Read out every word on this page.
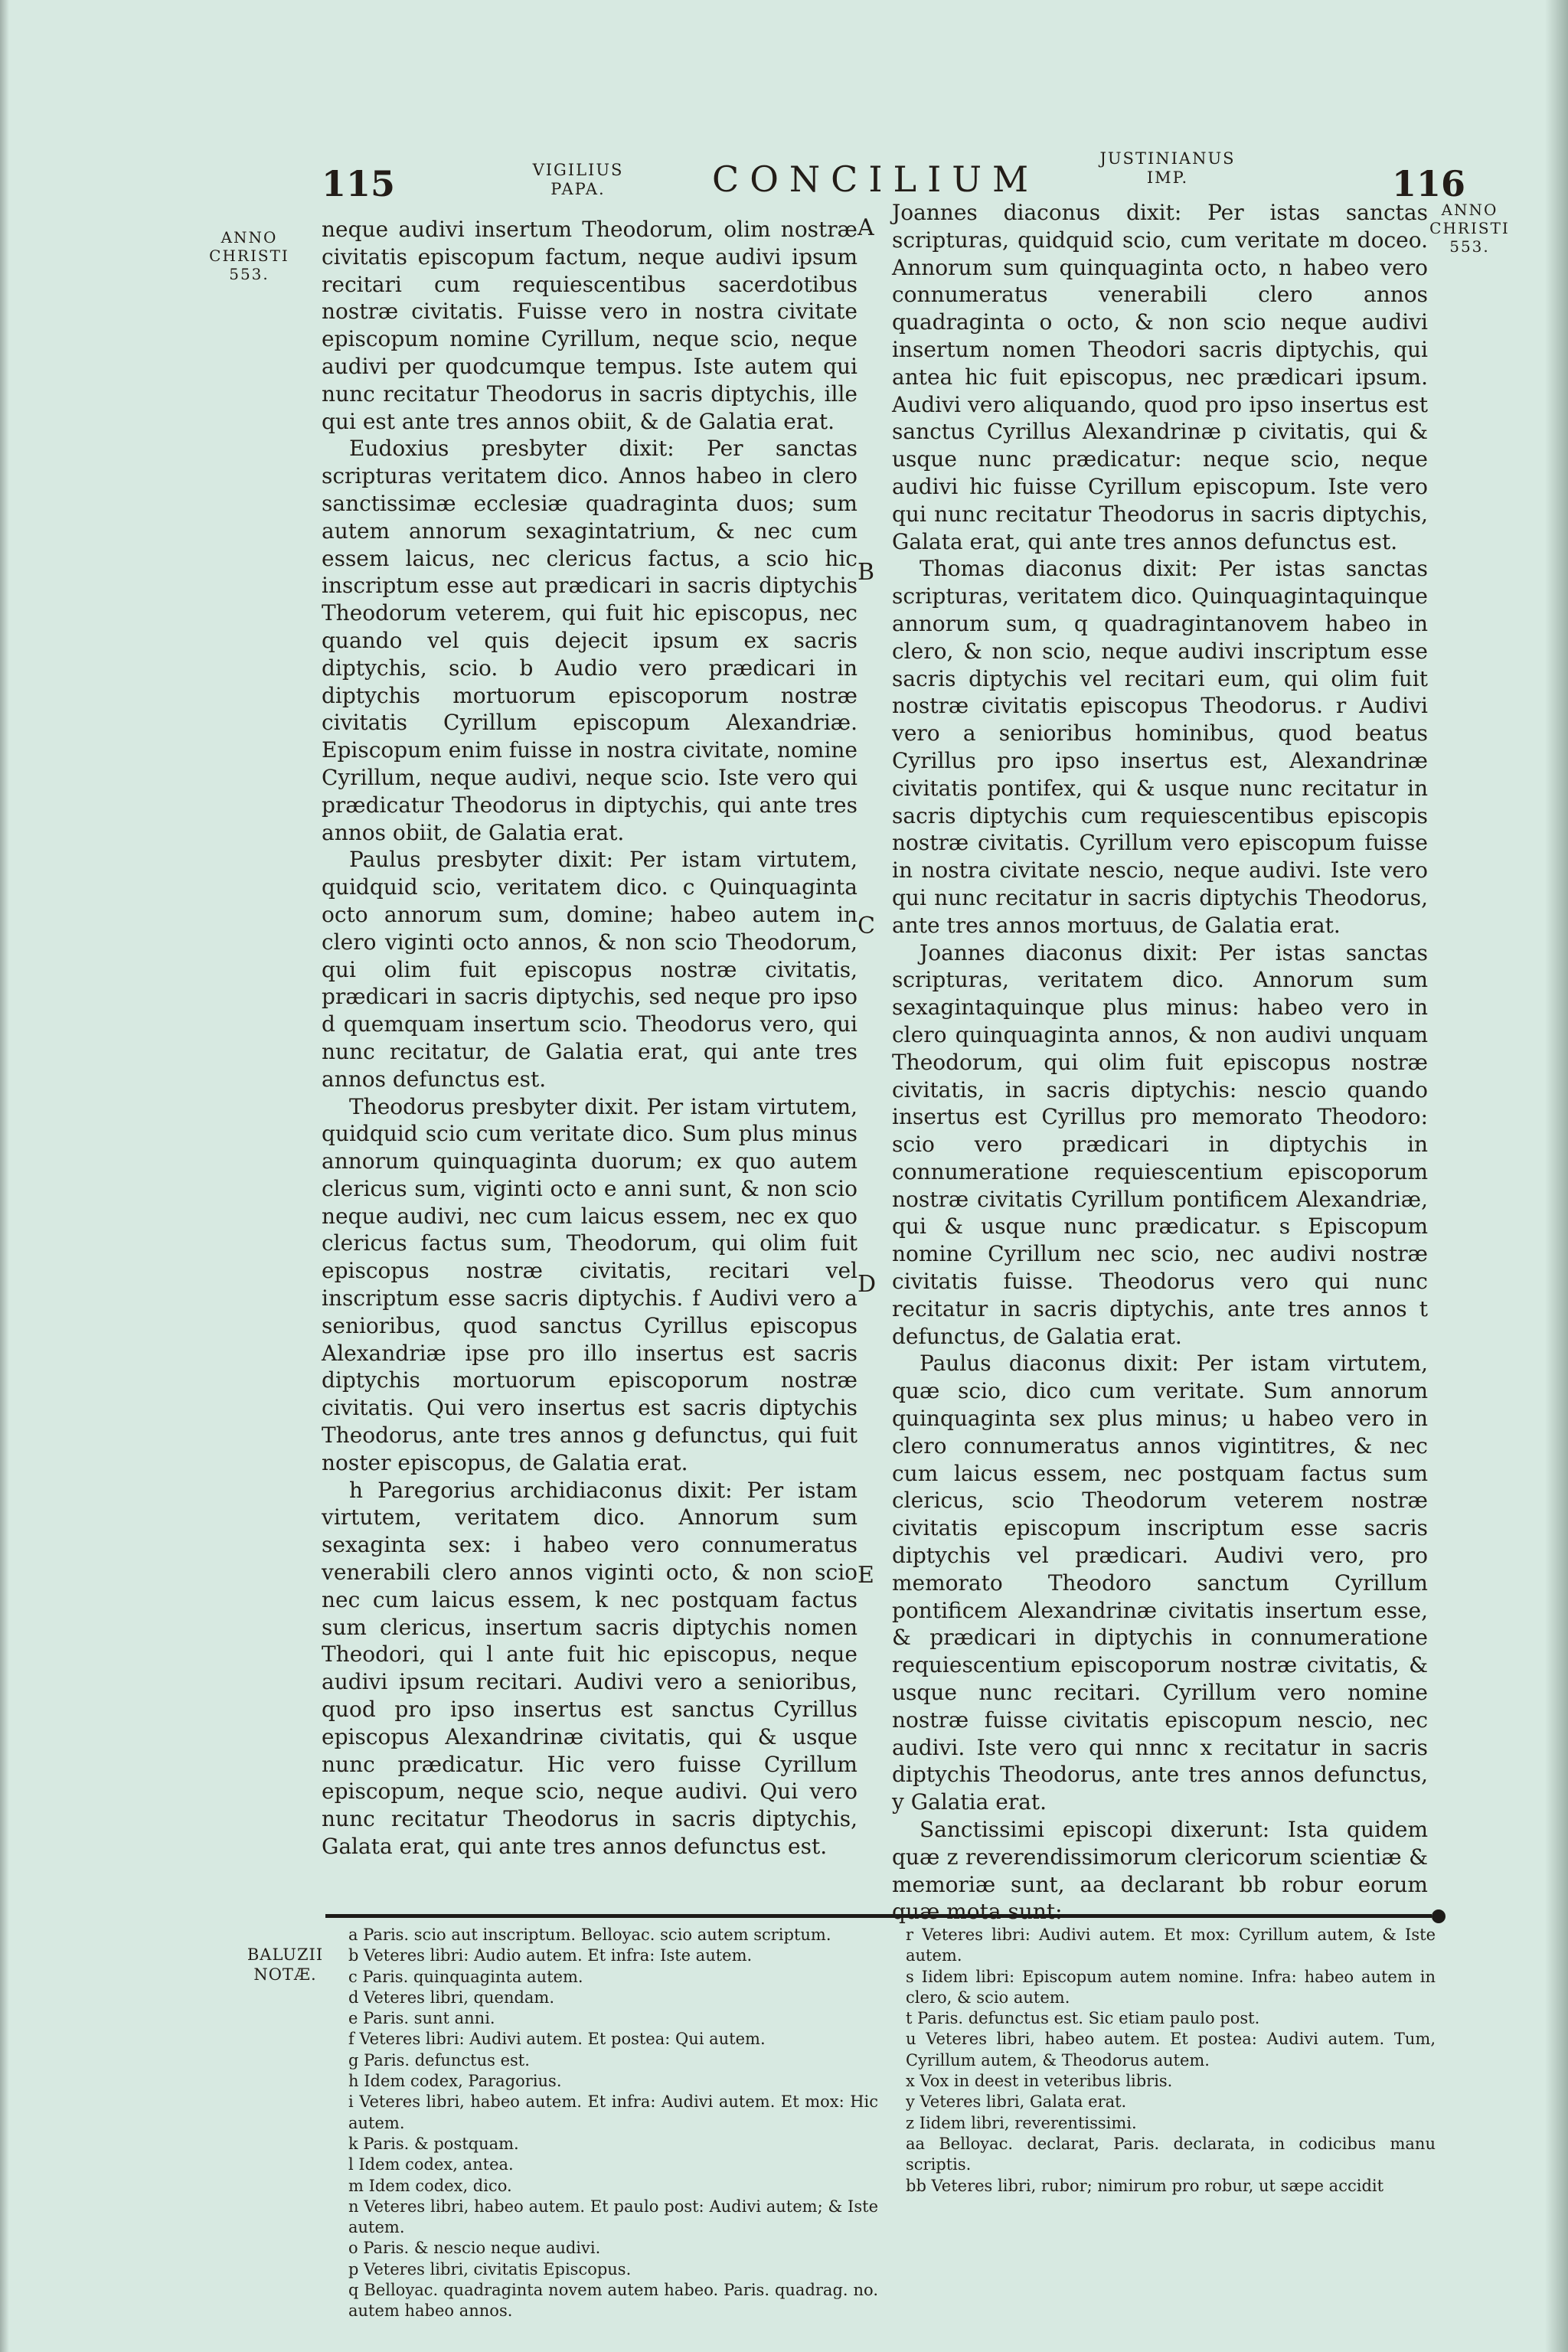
115	VIGILIUS
PAPA.	CONCILIUM	JUSTINIANUS
IMP.	116
ANNO
CHRISTI
553.
ANNO
CHRISTI
553.

neque audivi insertum Theodorum, olim nostræ civitatis episcopum factum, neque audivi ipsum recitari cum requiescentibus sacerdotibus nostræ civitatis. Fuisse vero in nostra civitate episcopum nomine Cyrillum, neque scio, neque audivi per quodcumque tempus. Iste autem qui nunc recitatur Theodorus in sacris diptychis, ille qui est ante tres annos obiit, & de Galatia erat.

Eudoxius presbyter dixit: Per sanctas scripturas veritatem dico. Annos habeo in clero sanctissimæ ecclesiæ quadraginta duos; sum autem annorum sexagintatrium, & nec cum essem laicus, nec clericus factus, a scio hic inscriptum esse aut prædicari in sacris diptychis Theodorum veterem, qui fuit hic episcopus, nec quando vel quis dejecit ipsum ex sacris diptychis, scio. b Audio vero prædicari in diptychis mortuorum episcoporum nostræ civitatis Cyrillum episcopum Alexandriæ. Episcopum enim fuisse in nostra civitate, nomine Cyrillum, neque audivi, neque scio. Iste vero qui prædicatur Theodorus in diptychis, qui ante tres annos obiit, de Galatia erat.

Paulus presbyter dixit: Per istam virtutem, quidquid scio, veritatem dico. c Quinquaginta octo annorum sum, domine; habeo autem in clero viginti octo annos, & non scio Theodorum, qui olim fuit episcopus nostræ civitatis, prædicari in sacris diptychis, sed neque pro ipso d quemquam insertum scio. Theodorus vero, qui nunc recitatur, de Galatia erat, qui ante tres annos defunctus est.

Theodorus presbyter dixit. Per istam virtutem, quidquid scio cum veritate dico. Sum plus minus annorum quinquaginta duorum; ex quo autem clericus sum, viginti octo e anni sunt, & non scio neque audivi, nec cum laicus essem, nec ex quo clericus factus sum, Theodorum, qui olim fuit episcopus nostræ civitatis, recitari vel inscriptum esse sacris diptychis. f Audivi vero a senioribus, quod sanctus Cyrillus episcopus Alexandriæ ipse pro illo insertus est sacris diptychis mortuorum episcoporum nostræ civitatis. Qui vero insertus est sacris diptychis Theodorus, ante tres annos g defunctus, qui fuit noster episcopus, de Galatia erat.

h Paregorius archidiaconus dixit: Per istam virtutem, veritatem dico. Annorum sum sexaginta sex: i habeo vero connumeratus venerabili clero annos viginti octo, & non scio nec cum laicus essem, k nec postquam factus sum clericus, insertum sacris diptychis nomen Theodori, qui l ante fuit hic episcopus, neque audivi ipsum recitari. Audivi vero a senioribus, quod pro ipso insertus est sanctus Cyrillus episcopus Alexandrinæ civitatis, qui & usque nunc prædicatur. Hic vero fuisse Cyrillum episcopum, neque scio, neque audivi. Qui vero nunc recitatur Theodorus in sacris diptychis, Galata erat, qui ante tres annos defunctus est.

A
B
C
D
E

Joannes diaconus dixit: Per istas sanctas scripturas, quidquid scio, cum veritate m doceo. Annorum sum quinquaginta octo, n habeo vero connumeratus venerabili clero annos quadraginta o octo, & non scio neque audivi insertum nomen Theodori sacris diptychis, qui antea hic fuit episcopus, nec prædicari ipsum. Audivi vero aliquando, quod pro ipso insertus est sanctus Cyrillus Alexandrinæ p civitatis, qui & usque nunc prædicatur: neque scio, neque audivi hic fuisse Cyrillum episcopum. Iste vero qui nunc recitatur Theodorus in sacris diptychis, Galata erat, qui ante tres annos defunctus est.

Thomas diaconus dixit: Per istas sanctas scripturas, veritatem dico. Quinquagintaquinque annorum sum, q quadragintanovem habeo in clero, & non scio, neque audivi inscriptum esse sacris diptychis vel recitari eum, qui olim fuit nostræ civitatis episcopus Theodorus. r Audivi vero a senioribus hominibus, quod beatus Cyrillus pro ipso insertus est, Alexandrinæ civitatis pontifex, qui & usque nunc recitatur in sacris diptychis cum requiescentibus episcopis nostræ civitatis. Cyrillum vero episcopum fuisse in nostra civitate nescio, neque audivi. Iste vero qui nunc recitatur in sacris diptychis Theodorus, ante tres annos mortuus, de Galatia erat.

Joannes diaconus dixit: Per istas sanctas scripturas, veritatem dico. Annorum sum sexagintaquinque plus minus: habeo vero in clero quinquaginta annos, & non audivi unquam Theodorum, qui olim fuit episcopus nostræ civitatis, in sacris diptychis: nescio quando insertus est Cyrillus pro memorato Theodoro: scio vero prædicari in diptychis in connumeratione requiescentium episcoporum nostræ civitatis Cyrillum pontificem Alexandriæ, qui & usque nunc prædicatur. s Episcopum nomine Cyrillum nec scio, nec audivi nostræ civitatis fuisse. Theodorus vero qui nunc recitatur in sacris diptychis, ante tres annos t defunctus, de Galatia erat.

Paulus diaconus dixit: Per istam virtutem, quæ scio, dico cum veritate. Sum annorum quinquaginta sex plus minus; u habeo vero in clero connumeratus annos vigintitres, & nec cum laicus essem, nec postquam factus sum clericus, scio Theodorum veterem nostræ civitatis episcopum inscriptum esse sacris diptychis vel prædicari. Audivi vero, pro memorato Theodoro sanctum Cyrillum pontificem Alexandrinæ civitatis insertum esse, & prædicari in diptychis in connumeratione requiescentium episcoporum nostræ civitatis, & usque nunc recitari. Cyrillum vero nomine nostræ fuisse civitatis episcopum nescio, nec audivi. Iste vero qui nnnc x recitatur in sacris diptychis Theodorus, ante tres annos defunctus, y Galatia erat.

Sanctissimi episcopi dixerunt: Ista quidem quæ z reverendissimorum clericorum scientiæ & memoriæ sunt, aa declarant bb robur eorum quæ mota sunt:

BALUZII
NOTÆ.

a Paris. scio aut inscriptum. Belloyac. scio autem scriptum.

b Veteres libri: Audio autem. Et infra: Iste autem.

c Paris. quinquaginta autem.

d Veteres libri, quendam.

e Paris. sunt anni.

f Veteres libri: Audivi autem. Et postea: Qui autem.

g Paris. defunctus est.

h Idem codex, Paragorius.

i Veteres libri, habeo autem. Et infra: Audivi autem. Et mox: Hic autem.

k Paris. & postquam.

l Idem codex, antea.

m Idem codex, dico.

n Veteres libri, habeo autem. Et paulo post: Audivi autem; & Iste autem.

o Paris. & nescio neque audivi.

p Veteres libri, civitatis Episcopus.

q Belloyac. quadraginta novem autem habeo. Paris. quadrag. no. autem habeo annos.

r Veteres libri: Audivi autem. Et mox: Cyrillum autem, & Iste autem.

s Iidem libri: Episcopum autem nomine. Infra: habeo autem in clero, & scio autem.

t Paris. defunctus est. Sic etiam paulo post.

u Veteres libri, habeo autem. Et postea: Audivi autem. Tum, Cyrillum autem, & Theodorus autem.

x Vox in deest in veteribus libris.

y Veteres libri, Galata erat.

z Iidem libri, reverentissimi.

aa Belloyac. declarat, Paris. declarata, in codicibus manu scriptis.

bb Veteres libri, rubor; nimirum pro robur, ut sæpe accidit
